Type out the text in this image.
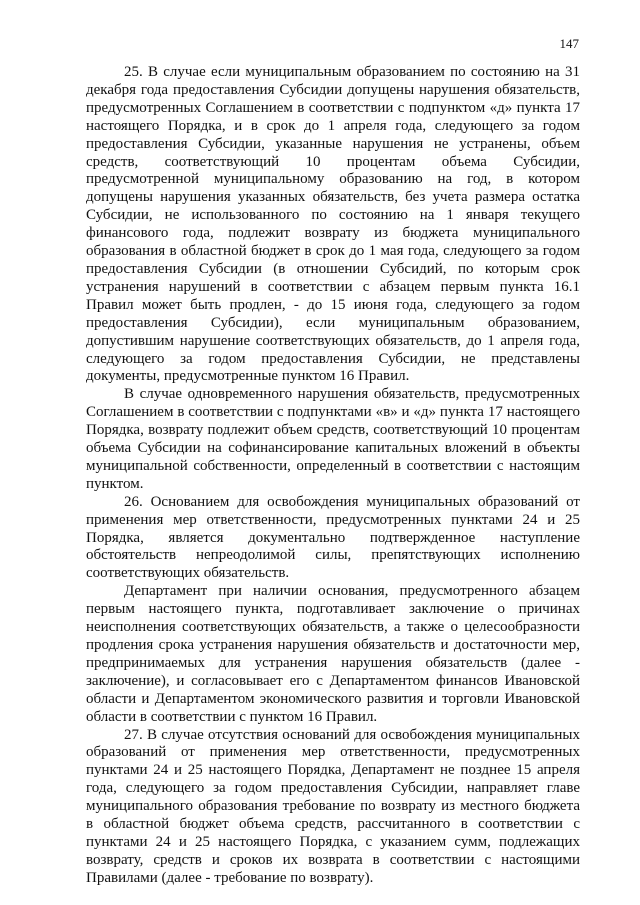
147

25. В случае если муниципальным образованием по состоянию на 31 декабря года предоставления Субсидии допущены нарушения обязательств, предусмотренных Соглашением в соответствии с подпунктом «д» пункта 17 настоящего Порядка, и в срок до 1 апреля года, следующего за годом предоставления Субсидии, указанные нарушения не устранены, объем средств, соответствующий 10 процентам объема Субсидии, предусмотренной муниципальному образованию на год, в котором допущены нарушения указанных обязательств, без учета размера остатка Субсидии, не использованного по состоянию на 1 января текущего финансового года, подлежит возврату из бюджета муниципального образования в областной бюджет в срок до 1 мая года, следующего за годом предоставления Субсидии (в отношении Субсидий, по которым срок устранения нарушений в соответствии с абзацем первым пункта 16.1 Правил может быть продлен, - до 15 июня года, следующего за годом предоставления Субсидии), если муниципальным образованием, допустившим нарушение соответствующих обязательств, до 1 апреля года, следующего за годом предоставления Субсидии, не представлены документы, предусмотренные пунктом 16 Правил.

В случае одновременного нарушения обязательств, предусмотренных Соглашением в соответствии с подпунктами «в» и «д» пункта 17 настоящего Порядка, возврату подлежит объем средств, соответствующий 10 процентам объема Субсидии на софинансирование капитальных вложений в объекты муниципальной собственности, определенный в соответствии с настоящим пунктом.

26. Основанием для освобождения муниципальных образований от применения мер ответственности, предусмотренных пунктами 24 и 25 Порядка, является документально подтвержденное наступление обстоятельств непреодолимой силы, препятствующих исполнению соответствующих обязательств.

Департамент при наличии основания, предусмотренного абзацем первым настоящего пункта, подготавливает заключение о причинах неисполнения соответствующих обязательств, а также о целесообразности продления срока устранения нарушения обязательств и достаточности мер, предпринимаемых для устранения нарушения обязательств (далее - заключение), и согласовывает его с Департаментом финансов Ивановской области и Департаментом экономического развития и торговли Ивановской области в соответствии с пунктом 16 Правил.

27. В случае отсутствия оснований для освобождения муниципальных образований от применения мер ответственности, предусмотренных пунктами 24 и 25 настоящего Порядка, Департамент не позднее 15 апреля года, следующего за годом предоставления Субсидии, направляет главе муниципального образования требование по возврату из местного бюджета в областной бюджет объема средств, рассчитанного в соответствии с пунктами 24 и 25 настоящего Порядка, с указанием сумм, подлежащих возврату, средств и сроков их возврата в соответствии с настоящими Правилами (далее - требование по возврату).
